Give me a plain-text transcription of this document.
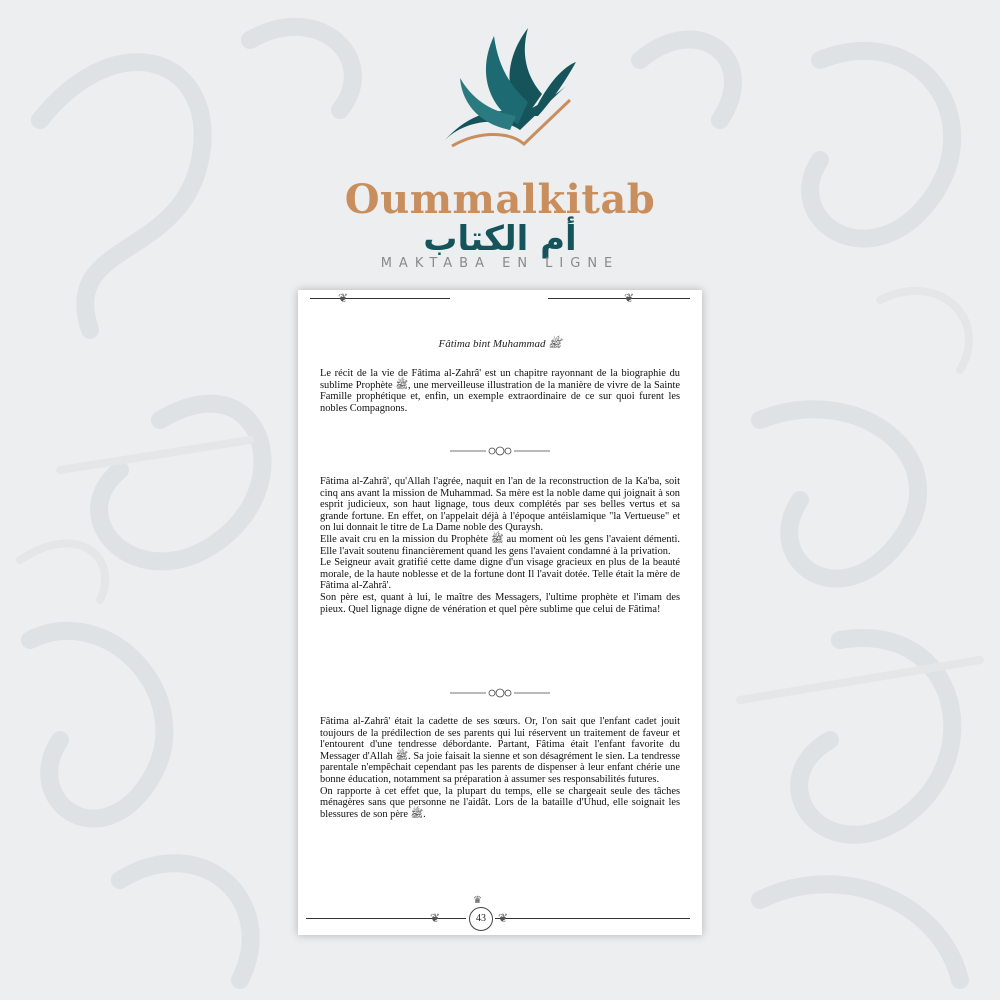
Oummalkitab
أم الكتاب
MAKTABA EN LIGNE
❦	❦
Fâtima bint Muhammad ﷺ

Le récit de la vie de Fâtima al-Zahrâ' est un chapitre rayonnant de la biographie du sublime Prophète ﷺ, une merveilleuse illustration de la manière de vivre de la Sainte Famille prophétique et, enfin, un exemple extraordinaire de ce sur quoi furent les nobles Compagnons.

Fâtima al-Zahrâ', qu'Allah l'agrée, naquit en l'an de la reconstruction de la Ka'ba, soit cinq ans avant la mission de Muhammad. Sa mère est la noble dame qui joignait à son esprit judicieux, son haut lignage, tous deux complétés par ses belles vertus et sa grande fortune. En effet, on l'appelait déjà à l'époque antéislamique "la Vertueuse" et on lui donnait le titre de La Dame noble des Quraysh.
Elle avait cru en la mission du Prophète ﷺ au moment où les gens l'avaient démenti. Elle l'avait soutenu financièrement quand les gens l'avaient condamné à la privation.
Le Seigneur avait gratifié cette dame digne d'un visage gracieux en plus de la beauté morale, de la haute noblesse et de la fortune dont Il l'avait dotée. Telle était la mère de Fâtima al-Zahrâ'.
Son père est, quant à lui, le maître des Messagers, l'ultime prophète et l'imam des pieux. Quel lignage digne de vénération et quel père sublime que celui de Fâtima!

Fâtima al-Zahrâ' était la cadette de ses sœurs. Or, l'on sait que l'enfant cadet jouit toujours de la prédilection de ses parents qui lui réservent un traitement de faveur et l'entourent d'une tendresse débordante. Partant, Fâtima était l'enfant favorite du Messager d'Allah ﷺ. Sa joie faisait la sienne et son désagrément le sien. La tendresse parentale n'empêchait cependant pas les parents de dispenser à leur enfant chérie une bonne éducation, notamment sa préparation à assumer ses responsabilités futures.
On rapporte à cet effet que, la plupart du temps, elle se chargeait seule des tâches ménagères sans que personne ne l'aidât. Lors de la bataille d'Uhud, elle soignait les blessures de son père ﷺ.

❦	❦
♛
43
